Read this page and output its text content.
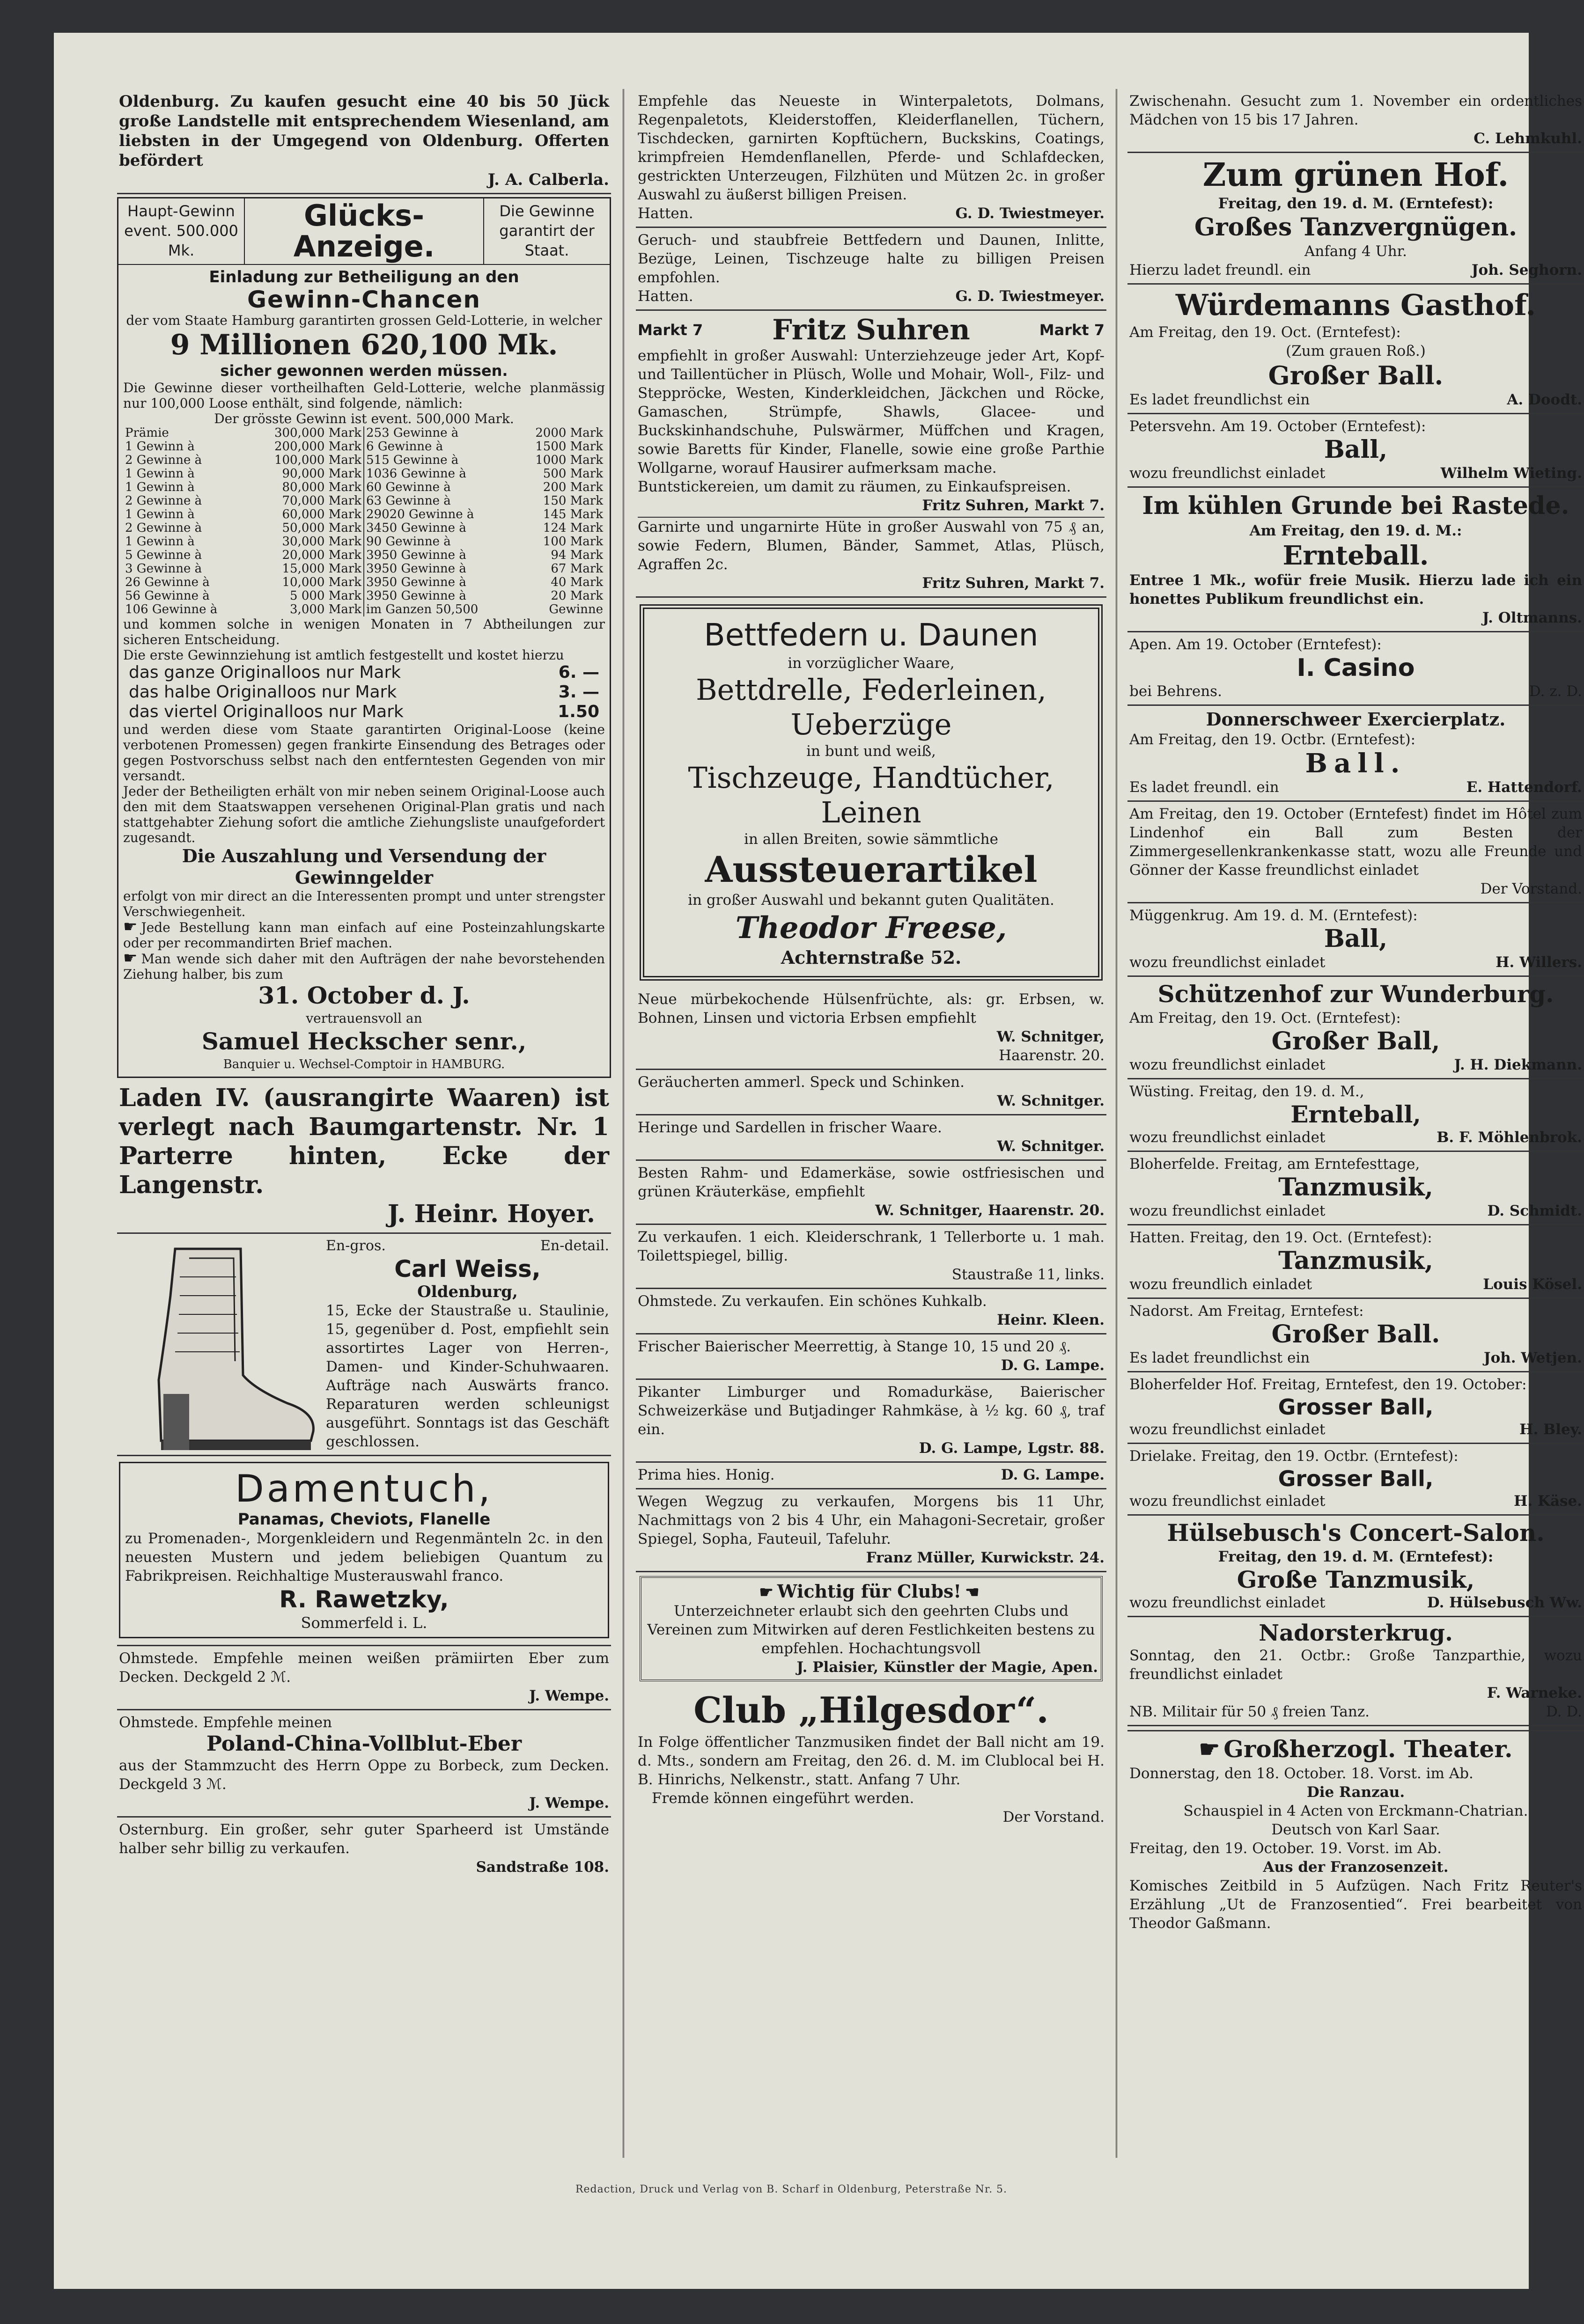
Oldenburg. Zu kaufen gesucht eine 40 bis 50 Jück große Landstelle mit entsprechendem Wiesenland, am liebsten in der Umgegend von Oldenburg. Offerten befördert

J. A. Calberla.

Haupt-Gewinn event. 500.000 Mk.
Glücks-Anzeige.
Die Gewinne garantirt der Staat.

Einladung zur Betheiligung an den

Gewinn-Chancen

der vom Staate Hamburg garantirten grossen Geld-Lotterie, in welcher

9 Millionen 620,100 Mk.

sicher gewonnen werden müssen.

Die Gewinne dieser vortheilhaften Geld-Lotterie, welche planmässig nur 100,000 Loose enthält, sind folgende, nämlich:

Der grösste Gewinn ist event. 500,000 Mark.

Prämie	300,000 Mark	253 Gewinne à	2000 Mark
1 Gewinn à	200,000 Mark	6 Gewinne à	1500 Mark
2 Gewinne à	100,000 Mark	515 Gewinne à	1000 Mark
1 Gewinn à	90,000 Mark	1036 Gewinne à	500 Mark
1 Gewinn à	80,000 Mark	60 Gewinne à	200 Mark
2 Gewinne à	70,000 Mark	63 Gewinne à	150 Mark
1 Gewinn à	60,000 Mark	29020 Gewinne à	145 Mark
2 Gewinne à	50,000 Mark	3450 Gewinne à	124 Mark
1 Gewinn à	30,000 Mark	90 Gewinne à	100 Mark
5 Gewinne à	20,000 Mark	3950 Gewinne à	94 Mark
3 Gewinne à	15,000 Mark	3950 Gewinne à	67 Mark
26 Gewinne à	10,000 Mark	3950 Gewinne à	40 Mark
56 Gewinne à	5 000 Mark	3950 Gewinne à	20 Mark
106 Gewinne à	3,000 Mark	im Ganzen 50,500	Gewinne

und kommen solche in wenigen Monaten in 7 Abtheilungen zur sicheren Entscheidung.

Die erste Gewinnziehung ist amtlich festgestellt und kostet hierzu

das ganze Originalloos nur Mark	6. —
das halbe Originalloos nur Mark	3. —
das viertel Originalloos nur Mark	1.50

und werden diese vom Staate garantirten Original-Loose (keine verbotenen Promessen) gegen frankirte Einsendung des Betrages oder gegen Postvorschuss selbst nach den entferntesten Gegenden von mir versandt.

Jeder der Betheiligten erhält von mir neben seinem Original-Loose auch den mit dem Staatswappen versehenen Original-Plan gratis und nach stattgehabter Ziehung sofort die amtliche Ziehungsliste unaufgefordert zugesandt.

Die Auszahlung und Versendung der Gewinngelder

erfolgt von mir direct an die Interessenten prompt und unter strengster Verschwiegenheit.

☛ Jede Bestellung kann man einfach auf eine Posteinzahlungskarte oder per recommandirten Brief machen.

☛ Man wende sich daher mit den Aufträgen der nahe bevorstehenden Ziehung halber, bis zum

31. October d. J.

vertrauensvoll an

Samuel Heckscher senr.,

Banquier u. Wechsel-Comptoir in HAMBURG.

Laden IV. (ausrangirte Waaren) ist verlegt nach Baumgartenstr. Nr. 1 Parterre hinten, Ecke der Langenstr.

J. Heinr. Hoyer.

En-gros.	En-detail.

Carl Weiss,

Oldenburg,

15, Ecke der Staustraße u. Staulinie, 15, gegenüber d. Post, empfiehlt sein assortirtes Lager von Herren-, Damen- und Kinder-Schuhwaaren. Aufträge nach Auswärts franco. Reparaturen werden schleunigst ausgeführt. Sonntags ist das Geschäft geschlossen.

Damentuch,

Panamas, Cheviots, Flanelle

zu Promenaden-, Morgenkleidern und Regenmänteln 2c. in den neuesten Mustern und jedem beliebigen Quantum zu Fabrikpreisen. Reichhaltige Musterauswahl franco.

R. Rawetzky,

Sommerfeld i. L.

Ohmstede. Empfehle meinen weißen prämiirten Eber zum Decken. Deckgeld 2 ℳ.

J. Wempe.

Ohmstede. Empfehle meinen

Poland-China-Vollblut-Eber

aus der Stammzucht des Herrn Oppe zu Borbeck, zum Decken. Deckgeld 3 ℳ.

J. Wempe.

Osternburg. Ein großer, sehr guter Sparheerd ist Umstände halber sehr billig zu verkaufen.

Sandstraße 108.

Empfehle das Neueste in Winterpaletots, Dolmans, Regenpaletots, Kleiderstoffen, Kleiderflanellen, Tüchern, Tischdecken, garnirten Kopftüchern, Buckskins, Coatings, krimpfreien Hemdenflanellen, Pferde- und Schlafdecken, gestrickten Unterzeugen, Filzhüten und Mützen 2c. in großer Auswahl zu äußerst billigen Preisen.

Hatten.	G. D. Twiestmeyer.

Geruch- und staubfreie Bettfedern und Daunen, Inlitte, Bezüge, Leinen, Tischzeuge halte zu billigen Preisen empfohlen.

Hatten.	G. D. Twiestmeyer.
Markt 7 Fritz Suhren	Markt 7

empfiehlt in großer Auswahl: Unterziehzeuge jeder Art, Kopf- und Taillentücher in Plüsch, Wolle und Mohair, Woll-, Filz- und Steppröcke, Westen, Kinderkleidchen, Jäckchen und Röcke, Gamaschen, Strümpfe, Shawls, Glacee- und Buckskinhandschuhe, Pulswärmer, Müffchen und Kragen, sowie Baretts für Kinder, Flanelle, sowie eine große Parthie Wollgarne, worauf Hausirer aufmerksam mache.

Buntstickereien, um damit zu räumen, zu Einkaufspreisen.

Fritz Suhren, Markt 7.

Garnirte und ungarnirte Hüte in großer Auswahl von 75 ₰ an, sowie Federn, Blumen, Bänder, Sammet, Atlas, Plüsch, Agraffen 2c.

Fritz Suhren, Markt 7.

Bettfedern u. Daunen

in vorzüglicher Waare,

Bettdrelle, Federleinen,

Ueberzüge

in bunt und weiß,

Tischzeuge, Handtücher,

Leinen

in allen Breiten, sowie sämmtliche

Aussteuerartikel

in großer Auswahl und bekannt guten Qualitäten.

Theodor Freese,

Achternstraße 52.

Neue mürbekochende Hülsenfrüchte, als: gr. Erbsen, w. Bohnen, Linsen und victoria Erbsen empfiehlt

W. Schnitger,

Haarenstr. 20.

Geräucherten ammerl. Speck und Schinken.

W. Schnitger.

Heringe und Sardellen in frischer Waare.

W. Schnitger.

Besten Rahm- und Edamerkäse, sowie ostfriesischen und grünen Kräuterkäse, empfiehlt

W. Schnitger, Haarenstr. 20.

Zu verkaufen. 1 eich. Kleiderschrank, 1 Tellerborte u. 1 mah. Toilettspiegel, billig.

Staustraße 11, links.

Ohmstede. Zu verkaufen. Ein schönes Kuhkalb.

Heinr. Kleen.

Frischer Baierischer Meerrettig, à Stange 10, 15 und 20 ₰.

D. G. Lampe.

Pikanter Limburger und Romadurkäse, Baierischer Schweizerkäse und Butjadinger Rahmkäse, à ½ kg. 60 ₰, traf ein.

D. G. Lampe, Lgstr. 88.

Prima hies. Honig.	D. G. Lampe.

Wegen Wegzug zu verkaufen, Morgens bis 11 Uhr, Nachmittags von 2 bis 4 Uhr, ein Mahagoni-Secretair, großer Spiegel, Sopha, Fauteuil, Tafeluhr.

Franz Müller, Kurwickstr. 24.

☛ Wichtig für Clubs! ☚

Unterzeichneter erlaubt sich den geehrten Clubs und Vereinen zum Mitwirken auf deren Festlichkeiten bestens zu empfehlen. Hochachtungsvoll

J. Plaisier, Künstler der Magie, Apen.

Club „Hilgesdor“.

In Folge öffentlicher Tanzmusiken findet der Ball nicht am 19. d. Mts., sondern am Freitag, den 26. d. M. im Clublocal bei H. B. Hinrichs, Nelkenstr., statt. Anfang 7 Uhr.

Fremde können eingeführt werden.

Der Vorstand.

Zwischenahn. Gesucht zum 1. November ein ordentliches Mädchen von 15 bis 17 Jahren.

C. Lehmkuhl.

Zum grünen Hof.

Freitag, den 19. d. M. (Erntefest):

Großes Tanzvergnügen.

Anfang 4 Uhr.

Hierzu ladet freundl. ein	Joh. Seghorn.

Würdemanns Gasthof.

Am Freitag, den 19. Oct. (Erntefest):

(Zum grauen Roß.)

Großer Ball.

Es ladet freundlichst ein	A. Doodt.

Petersvehn. Am 19. October (Erntefest):

Ball,

wozu freundlichst einladet	Wilhelm Wieting.

Im kühlen Grunde bei Rastede.

Am Freitag, den 19. d. M.:

Ernteball.

Entree 1 Mk., wofür freie Musik. Hierzu lade ich ein honettes Publikum freundlichst ein.

J. Oltmanns.

Apen. Am 19. October (Erntefest):

I. Casino

bei Behrens.	D. z. D.

Donnerschweer Exercierplatz.

Am Freitag, den 19. Octbr. (Erntefest):

Ball.

Es ladet freundl. ein	E. Hattendorf.

Am Freitag, den 19. October (Erntefest) findet im Hôtel zum Lindenhof ein Ball zum Besten der Zimmergesellenkrankenkasse statt, wozu alle Freunde und Gönner der Kasse freundlichst einladet

Der Vorstand.

Müggenkrug. Am 19. d. M. (Erntefest):

Ball,

wozu freundlichst einladet	H. Willers.

Schützenhof zur Wunderburg.

Am Freitag, den 19. Oct. (Erntefest):

Großer Ball,

wozu freundlichst einladet	J. H. Diekmann.

Wüsting. Freitag, den 19. d. M.,

Ernteball,

wozu freundlichst einladet	B. F. Möhlenbrok.

Bloherfelde. Freitag, am Erntefesttage,

Tanzmusik,

wozu freundlichst einladet	D. Schmidt.

Hatten. Freitag, den 19. Oct. (Erntefest):

Tanzmusik,

wozu freundlich einladet	Louis Kösel.

Nadorst. Am Freitag, Erntefest:

Großer Ball.

Es ladet freundlichst ein	Joh. Wetjen.

Bloherfelder Hof. Freitag, Erntefest, den 19. October:

Grosser Ball,

wozu freundlichst einladet	H. Bley.

Drielake. Freitag, den 19. Octbr. (Erntefest):

Grosser Ball,

wozu freundlichst einladet	H. Käse.

Hülsebusch's Concert-Salon.

Freitag, den 19. d. M. (Erntefest):

Große Tanzmusik,

wozu freundlichst einladet	D. Hülsebusch Ww.

Nadorsterkrug.

Sonntag, den 21. Octbr.: Große Tanzparthie, wozu freundlichst einladet

F. Warneke.

NB. Militair für 50 ₰ freien Tanz.	D. D.

☛ Großherzogl. Theater.

Donnerstag, den 18. October. 18. Vorst. im Ab.

Die Ranzau.

Schauspiel in 4 Acten von Erckmann-Chatrian.

Deutsch von Karl Saar.

Freitag, den 19. October. 19. Vorst. im Ab.

Aus der Franzosenzeit.

Komisches Zeitbild in 5 Aufzügen. Nach Fritz Reuter's Erzählung „Ut de Franzosentied“. Frei bearbeitet von Theodor Gaßmann.

Redaction, Druck und Verlag von B. Scharf in Oldenburg, Peterstraße Nr. 5.
